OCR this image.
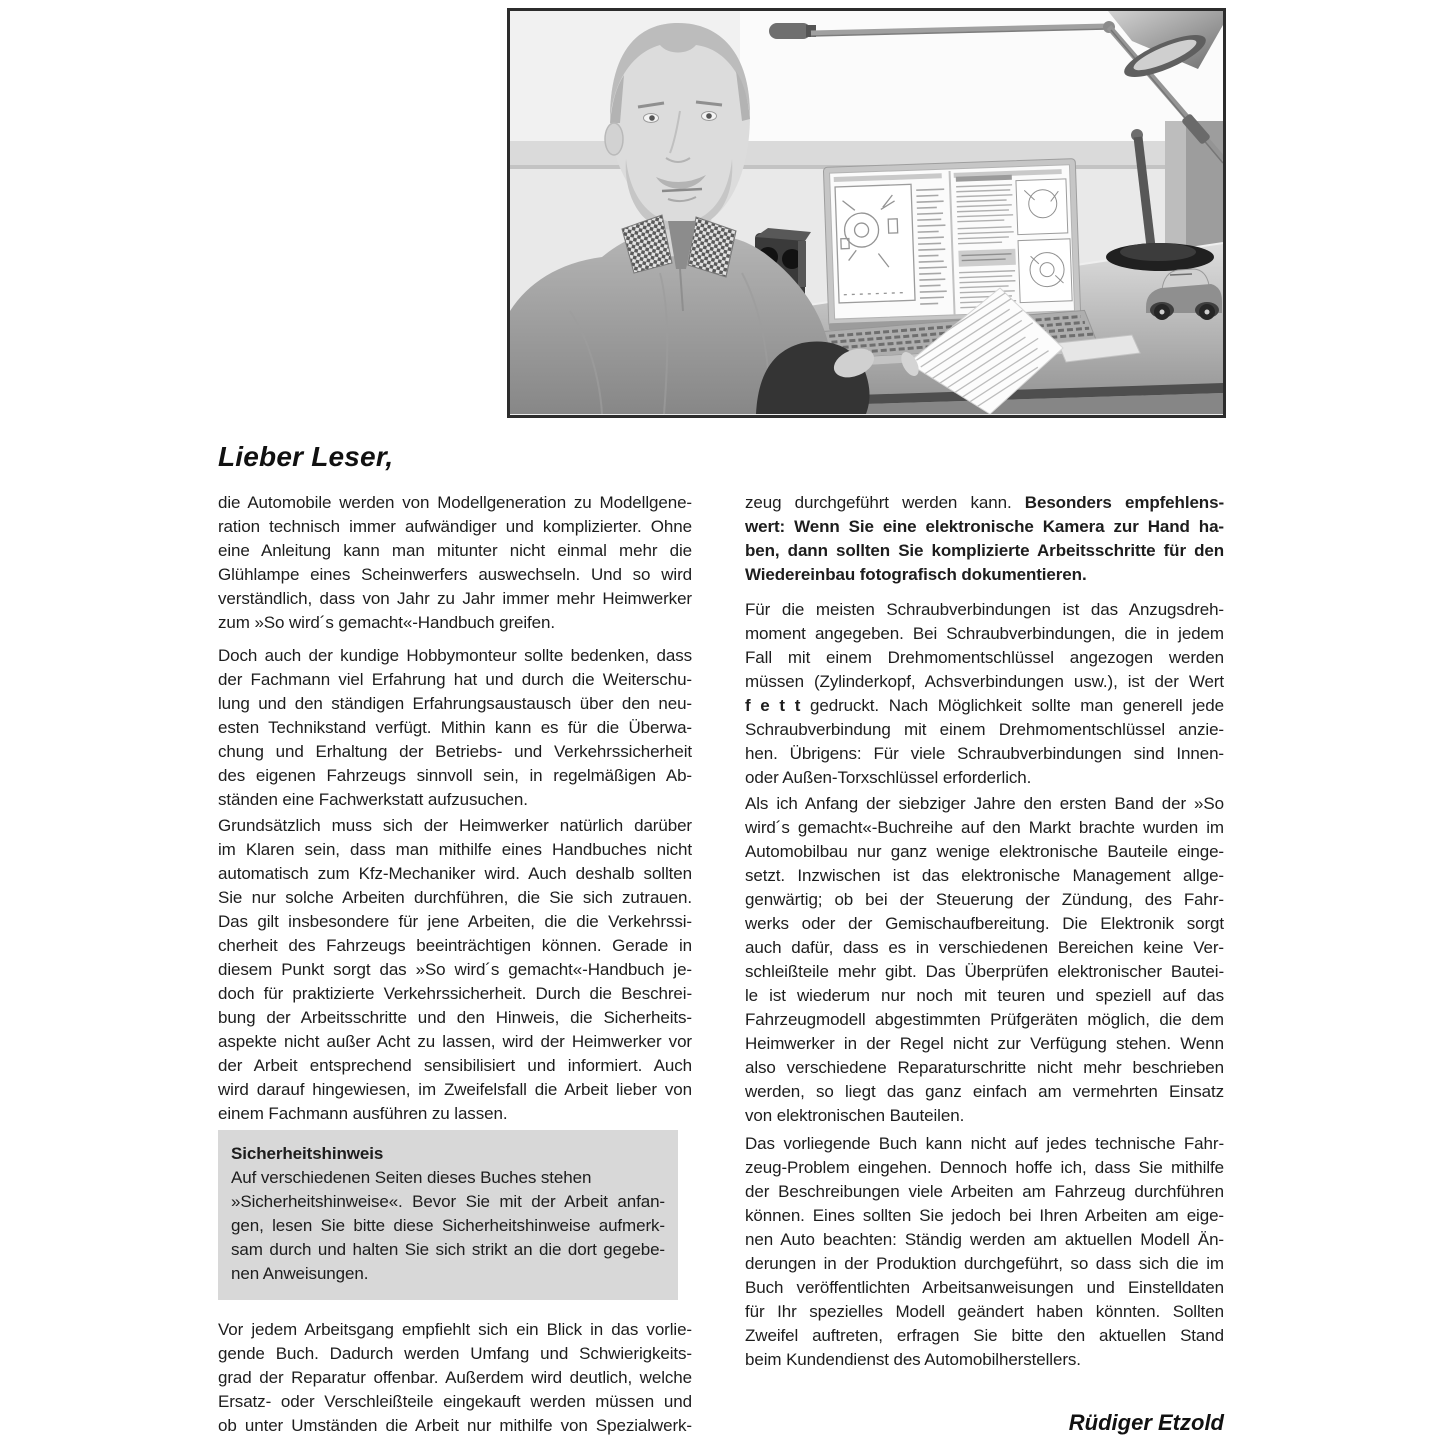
Lieber Leser,
die Automobile werden von Modellgeneration zu Modellgene-
ration technisch immer aufwändiger und komplizierter. Ohne
eine Anleitung kann man mitunter nicht einmal mehr die
Glühlampe eines Scheinwerfers auswechseln. Und so wird
verständlich, dass von Jahr zu Jahr immer mehr Heimwerker
zum »So wird´s gemacht«-Handbuch greifen.
Doch auch der kundige Hobbymonteur sollte bedenken, dass
der Fachmann viel Erfahrung hat und durch die Weiterschu-
lung und den ständigen Erfahrungsaustausch über den neu-
esten Technikstand verfügt. Mithin kann es für die Überwa-
chung und Erhaltung der Betriebs- und Verkehrssicherheit
des eigenen Fahrzeugs sinnvoll sein, in regelmäßigen Ab-
ständen eine Fachwerkstatt aufzusuchen.
Grundsätzlich muss sich der Heimwerker natürlich darüber
im Klaren sein, dass man mithilfe eines Handbuches nicht
automatisch zum Kfz-Mechaniker wird. Auch deshalb sollten
Sie nur solche Arbeiten durchführen, die Sie sich zutrauen.
Das gilt insbesondere für jene Arbeiten, die die Verkehrssi-
cherheit des Fahrzeugs beeinträchtigen können. Gerade in
diesem Punkt sorgt das »So wird´s gemacht«-Handbuch je-
doch für praktizierte Verkehrssicherheit. Durch die Beschrei-
bung der Arbeitsschritte und den Hinweis, die Sicherheits-
aspekte nicht außer Acht zu lassen, wird der Heimwerker vor
der Arbeit entsprechend sensibilisiert und informiert. Auch
wird darauf hingewiesen, im Zweifelsfall die Arbeit lieber von
einem Fachmann ausführen zu lassen.
Sicherheitshinweis
Auf verschiedenen Seiten dieses Buches stehen
»Sicherheitshinweise«. Bevor Sie mit der Arbeit anfan-
gen, lesen Sie bitte diese Sicherheitshinweise aufmerk-
sam durch und halten Sie sich strikt an die dort gegebe-
nen Anweisungen.
Vor jedem Arbeitsgang empfiehlt sich ein Blick in das vorlie-
gende Buch. Dadurch werden Umfang und Schwierigkeits-
grad der Reparatur offenbar. Außerdem wird deutlich, welche
Ersatz- oder Verschleißteile eingekauft werden müssen und
ob unter Umständen die Arbeit nur mithilfe von Spezialwerk-
zeug durchgeführt werden kann. Besonders empfehlens-
wert: Wenn Sie eine elektronische Kamera zur Hand ha-
ben, dann sollten Sie komplizierte Arbeitsschritte für den
Wiedereinbau fotografisch dokumentieren.
Für die meisten Schraubverbindungen ist das Anzugsdreh-
moment angegeben. Bei Schraubverbindungen, die in jedem
Fall mit einem Drehmomentschlüssel angezogen werden
müssen (Zylinderkopf, Achsverbindungen usw.), ist der Wert
f e t t gedruckt. Nach Möglichkeit sollte man generell jede
Schraubverbindung mit einem Drehmomentschlüssel anzie-
hen. Übrigens: Für viele Schraubverbindungen sind Innen-
oder Außen-Torxschlüssel erforderlich.
Als ich Anfang der siebziger Jahre den ersten Band der »So
wird´s gemacht«-Buchreihe auf den Markt brachte wurden im
Automobilbau nur ganz wenige elektronische Bauteile einge-
setzt. Inzwischen ist das elektronische Management allge-
genwärtig; ob bei der Steuerung der Zündung, des Fahr-
werks oder der Gemischaufbereitung. Die Elektronik sorgt
auch dafür, dass es in verschiedenen Bereichen keine Ver-
schleißteile mehr gibt. Das Überprüfen elektronischer Bautei-
le ist wiederum nur noch mit teuren und speziell auf das
Fahrzeugmodell abgestimmten Prüfgeräten möglich, die dem
Heimwerker in der Regel nicht zur Verfügung stehen. Wenn
also verschiedene Reparaturschritte nicht mehr beschrieben
werden, so liegt das ganz einfach am vermehrten Einsatz
von elektronischen Bauteilen.
Das vorliegende Buch kann nicht auf jedes technische Fahr-
zeug-Problem eingehen. Dennoch hoffe ich, dass Sie mithilfe
der Beschreibungen viele Arbeiten am Fahrzeug durchführen
können. Eines sollten Sie jedoch bei Ihren Arbeiten am eige-
nen Auto beachten: Ständig werden am aktuellen Modell Än-
derungen in der Produktion durchgeführt, so dass sich die im
Buch veröffentlichten Arbeitsanweisungen und Einstelldaten
für Ihr spezielles Modell geändert haben könnten. Sollten
Zweifel auftreten, erfragen Sie bitte den aktuellen Stand
beim Kundendienst des Automobilherstellers.
Rüdiger Etzold
